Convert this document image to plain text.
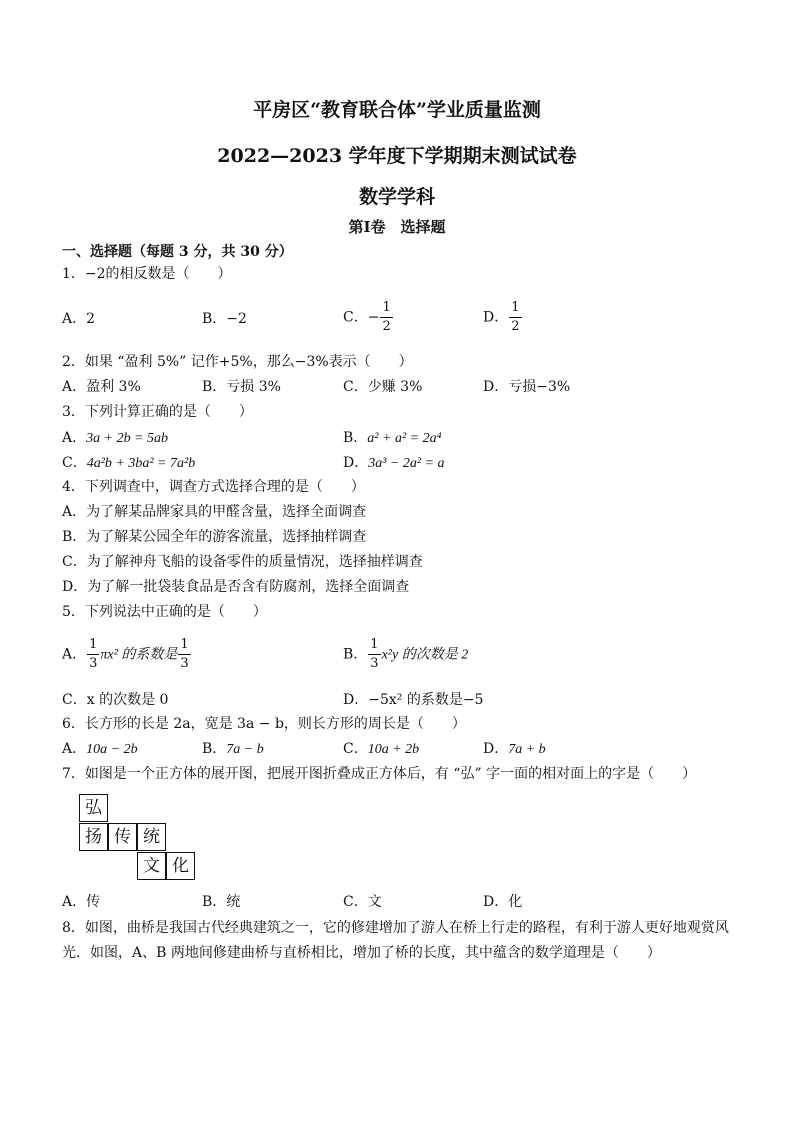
平房区“教育联合体”学业质量监测
2022—2023 学年度下学期期末测试试卷
数学学科
第Ⅰ卷　选择题
一、选择题（每题 3 分，共 30 分）
1．−2的相反数是（　　）
A．2	B．−2	C．− $\frac{1}{2}$	D． $\frac{1}{2}$
2．如果 “盈利 5%” 记作+5%，那么−3%表示（　　）
A．盈利 3%	B．亏损 3%	C．少赚 3%	D．亏损−3%
3．下列计算正确的是（　　）
A．3a + 2b = 5ab	B．a² + a² = 2a⁴
C．4a²b + 3ba² = 7a²b	D．3a³ − 2a² = a
4．下列调查中，调查方式选择合理的是（　　）
A．为了解某品牌家具的甲醛含量，选择全面调查
B．为了解某公园全年的游客流量，选择抽样调查
C．为了解神舟飞船的设备零件的质量情况，选择抽样调查
D．为了解一批袋装食品是否含有防腐剂，选择全面调查
5．下列说法中正确的是（　　）
A． $\frac{1}{3} \pi x^2$ 的系数是 $\frac{1}{3}$	B． $\frac{1}{3} x^2y$ 的次数是 2
C．x 的次数是 0	D．−5x² 的系数是−5
6．长方形的长是 2a，宽是 3a − b，则长方形的周长是（　　）
A．10a − 2b	B．7a − b	C．10a + 2b	D．7a + b
7．如图是一个正方体的展开图，把展开图折叠成正方体后，有 “弘” 字一面的相对面上的字是（　　）
弘
扬 传 统
文 化
A．传	B．统	C．文	D．化
8．如图，曲桥是我国古代经典建筑之一，它的修建增加了游人在桥上行走的路程，有利于游人更好地观赏风
光．如图，A、B 两地间修建曲桥与直桥相比，增加了桥的长度，其中蕴含的数学道理是（　　）
